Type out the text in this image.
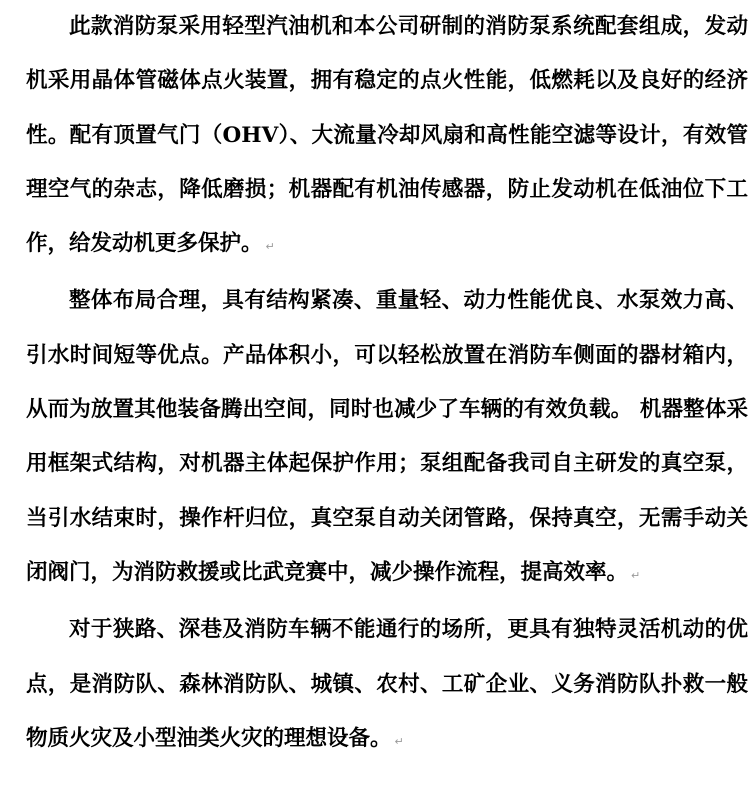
此款消防泵采用轻型汽油机和本公司研制的消防泵系统配套组成，发动机采用晶体管磁体点火装置，拥有稳定的点火性能，低燃耗以及良好的经济性。配有顶置气门（OHV）、大流量冷却风扇和高性能空滤等设计，有效管理空气的杂志，降低磨损；机器配有机油传感器，防止发动机在低油位下工作，给发动机更多保护。 ↵

整体布局合理，具有结构紧凑、重量轻、动力性能优良、水泵效力高、引水时间短等优点。产品体积小，可以轻松放置在消防车侧面的器材箱内，从而为放置其他装备腾出空间，同时也减少了车辆的有效负载。 机器整体采用框架式结构，对机器主体起保护作用；泵组配备我司自主研发的真空泵，当引水结束时，操作杆归位，真空泵自动关闭管路，保持真空，无需手动关闭阀门，为消防救援或比武竞赛中，减少操作流程，提高效率。 ↵

对于狭路、深巷及消防车辆不能通行的场所，更具有独特灵活机动的优点，是消防队、森林消防队、城镇、农村、工矿企业、义务消防队扑救一般物质火灾及小型油类火灾的理想设备。 ↵
